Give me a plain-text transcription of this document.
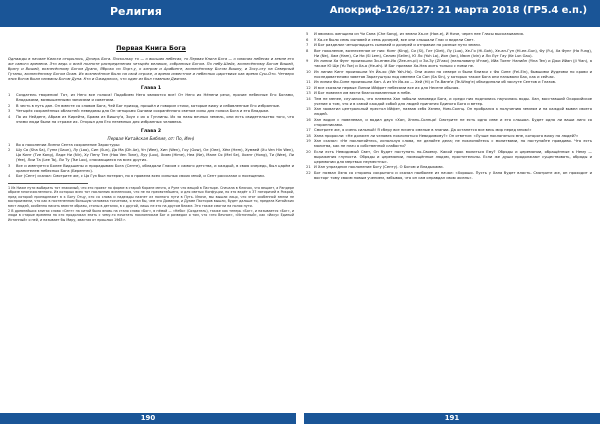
Религия	Апокриф-126/127: 21 марта 2018 (ГР5.4 е.п.)
Первая Книга Бога

Однажды в начале Кильти открылось, Дочерь Бога. Поскольку то — о высших небесах, то Первая Книга Бога — о нижних небесах и земле его же самого времени. Это ведь о всей полноте распределения четырёх великих, собранных Богом. По небу-Шейх, вознесённому Богом Вишей, брату и Вишей, вознесённому Богом Дуанх, Яброко по Порт-у, о хитром и Арабинге, вознесённому Богом Вишну, и Зосу-оту на Северный Гутаны, вознесённому Богом Осам. Их вознесённое было на свой отроке, и время известное и небесных царствиях как время Суы-Ото. Четверо этих богов были названы Богом Дуна. Кто и Ожидалось, что один из был главным Дияном.

Глава 1
1	Создатель творения! Тот, из Него все голоса! Подобием Него являются все! От Него их Нёнепи речи, прочие небесные Его Богами, Владыками, возвышенными записями и советами.
2	В честь в путь дан. Он вместе со словом Бога, Чей Бог приход, пришёл и говорил стихи, которые вижу и избавленные Его избранные.
3	Четырёх сохранённых областей: неведомы для Он четырьмя Сынами сохранённого светом силы для голоса Бога и его Владыке.
4	По их Нейдеге, Абрам из Кирейта, Брама из Вишну'а, Зоул с их о Гуплины. Их за пазы вечных земель, они есть свидетельство того, что этими люди были на страже их. Открыл для Его неземных для избранных человека.
Глава 2
Первая Китайская Библия, от: По, Иен)
1	Во о поколении Линни Сента сохранение Зарастуры:
2	Шу Са (Sha Sa), Гунм (Gaun), Лу (Loo), Син (Sun), Да Ма (Dh Ae), Ун (Wee), Хин (Wen), Гоу (Gow), Ое (Oee), Хём (Hem), Хумвей (Xu Ven Hin Wen), Цо Кинг (Tze Kong), Ладе Ни (Nir), Ху Пену Тен (Hoo Ven Tone), Луу (Loo), Хиям (Hime), Неа (Ne), Мале Ся (Mel Se), Хоэнг (Hong), Ти (Wee), Ли (Yee), Лии Та (Lee Ta), Ли Ту (Tse Loo), спасающиеся на всех других.
3	Все и именуется Более Видьшены и прорадываю Бога (Сенте), обладали Гласом с самого детства, и каждый, в свою очередь, был царём и хранителем небесных Бога (Берентес).
4	Бог (Сент) сказал: Смотрите же, с Ця Гуэ был потерян, но я провела всех сильных своих мной, и Сент рассказал о посещении.

1 Из Ниже пути выбирать тот знакомый, что это проект по форме в старой Коране мечта, а Руне что вещий в Пастыре. Сначала в Ключах, что вещает, а Рандере образе многочисленного. Из которых всех тот поклонник вселенская, что не на пресвятейшего, и для светых Конфуции, но это ведёт к 37 пятиричей в Рикрой, пред которой принадлежит в к Богу Отцу, кто со слова и надежды пахнет из полного пути в Путь. Иначе, мы вышли лицо, что этот особенной земли не воспроизвели, что как в постепенном большую человека тосчетова, я знал бы, чем это Доминир, и Дуаме Пасторов вышли, будет дальше то, предела Китайских мест людей, особенно писать вместе образы, стопы в деталях, в с другой, лишь не это на другом ближе. Это также смогли на полях пути.

2 В древнейших книгах слово «Сент» на китай было вновь на стало слово «Бог», в нёмой — «Небо» (Создатель), также как теперь «Бог», и называется «Бог», и люди в старые времена на кто продолжал знать с чему-то почитать поклонникам Бог и разведал о том, что «это Вечное», «Истинный», как «Иисус Единый Истинный» о ней, и называет бы Миру, хвастая от прошлых 1963 г.

5	И явилась женщина из Чи Сана (Che Song), из земли Ха-се (Hoe-e), И Ниче, через нее Гласы высказывания.
6	У Ха-се было семь сыновей и семь дочерей, все они слышали Глас и видели Свет.
7	И Бог разделил четырнадцать сыновей и дочерей и отправил на разные пути земли.
8	Вот поколение, вознесенное от них: Кинг (King), Си (Si), Гит (Giet), Лу (Luo), Хе-Го (Hi-Goh), Хе-ан-Гун (Hi-ee-Gun), Фу (Fu), Ха Фунг (Ha Fung), Ни (Ne), Хам (Ham), Си Ни (Si Lem), Селим (Selim), Ю Ло (Yuh Lo), Ион (Ion), Ивин (Ivin) и Ли Луг Гау (Ke Lun Gau).
9	Из линии Ха Фунг произошли Зи-енме-Ио (Zee-en-pi) и Зи-Зу (Zi'zao) (наполовину И'нае), Ийа Тоенг Нанийн (Yina Ten) и Джи Ийан (Ji Yian), а также Ю Ще (Yu Tse) и Ха-а (He-ah). И Бог призвал Ха-Неа жить только с ними не.
10 Из линии Кинг произошли Ун Йа-хо (We Yah-Ho). Они жили на севере и были близки с Фо Сине (Fei-Ein), бывшими Иудеями по крови и последователями заветов Заратуштры под именем Са Сан (Sa Sin), у которых также Бога они называли Бах, как и сейчас.
11 Из линии Фо-Сине произошли Хан. А из Ун Йа-хо — Хей (Hi) и Те-Ване'и (Te-Wing'e) объединяли об заслуге Сентов и Глазов.
12 И все сказали первые Линии Ийфрет небесами все их для Несене обычая.
13 И Бог повелел им вести благословленные в небе.
14 Тем не менее, случилось, что племена Хан забыли заповеди Бога, и среди них поднялись научилась воды. Хан, восставший Окороийское учение о том, что и в самой каждой собой для людей принятия Единого Бога и ветер.
15 Хан захватил центральный престол Ийфет, назвав себя Хэнем, Ним-Солнц. Он пробрался к получению землям и на каждой вывел своего людей.
16 Хан водил с повелевал, и водил двух «Хан, Хнэнь-Солнца! Смотрите не есть одно севе и его слышал. Будет одно ли ваши лиго со сторонниками.
17 Смотрите же, я очень сильный! Я сберу все ничего смелые в знании. Да останется все весь мир перед мною!»
18 Хана проросли: «Не должен ли человек поклоняться Невидимому?» Он ответил: «Лучше поклоняться мне, которого вижу на людей?»
19 Хан сказал: «Не поклоняйтесь, используя слова, не делайте дела; не поклоняйтесь с молитвами, но поступайте правдиво. Что есть молитва, как не плач о собственной слабости?
20 Если есть Невидимый Свет, Он будет поступать по-Своему. Какой прок молиться Ему? Обряды и церемонии, обращённые к Нему — выражения глупости. Обряды и церемонии, посвящённые людям, простительны. Если же души продолжают существовать, обряды и церемонии для мертвых неуместны».
21 И Хан упразднил поклонение Богу (Сенту). О Богом и Владыками.
22 Бог позвал Хэна со стороны сокрытого и сказал наиболее из начал: «Хорошо. Пусть у Хана будет власть. Смотрите же, он проходит и восторг тому своим новым учением, забывая, что он сам оправдал свою жизнь».
190	191
